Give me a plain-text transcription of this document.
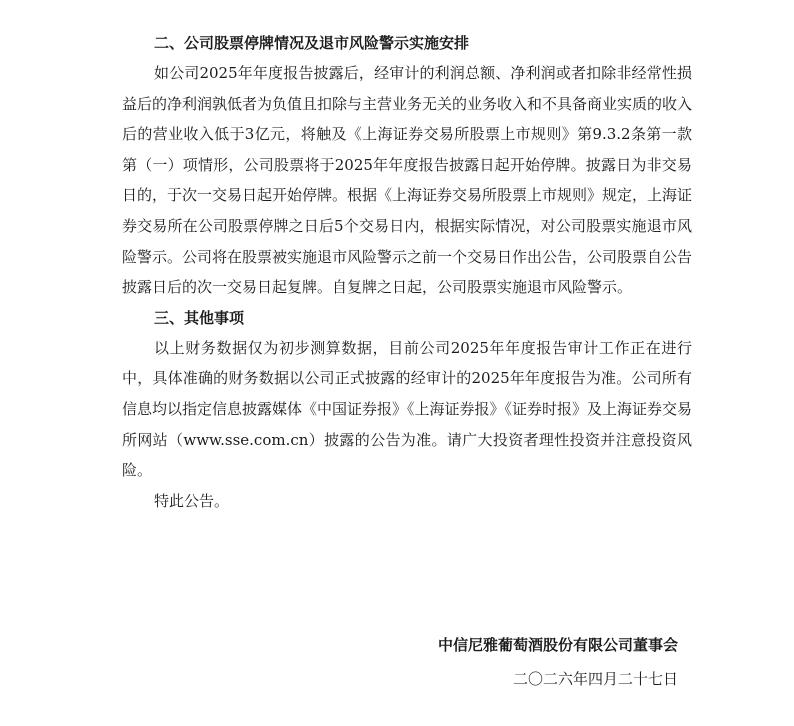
二、公司股票停牌情况及退市风险警示实施安排

如公司2025年年度报告披露后，经审计的利润总额、净利润或者扣除非经常性损益后的净利润孰低者为负值且扣除与主营业务无关的业务收入和不具备商业实质的收入后的营业收入低于3亿元，将触及《上海证券交易所股票上市规则》第9.3.2条第一款第（一）项情形，公司股票将于2025年年度报告披露日起开始停牌。披露日为非交易日的，于次一交易日起开始停牌。根据《上海证券交易所股票上市规则》规定，上海证券交易所在公司股票停牌之日后5个交易日内，根据实际情况，对公司股票实施退市风险警示。公司将在股票被实施退市风险警示之前一个交易日作出公告，公司股票自公告披露日后的次一交易日起复牌。自复牌之日起，公司股票实施退市风险警示。

三、其他事项

以上财务数据仅为初步测算数据，目前公司2025年年度报告审计工作正在进行中，具体准确的财务数据以公司正式披露的经审计的2025年年度报告为准。公司所有信息均以指定信息披露媒体《中国证券报》《上海证券报》《证券时报》及上海证券交易所网站（www.sse.com.cn）披露的公告为准。请广大投资者理性投资并注意投资风险。

特此公告。

中信尼雅葡萄酒股份有限公司董事会
二〇二六年四月二十七日
